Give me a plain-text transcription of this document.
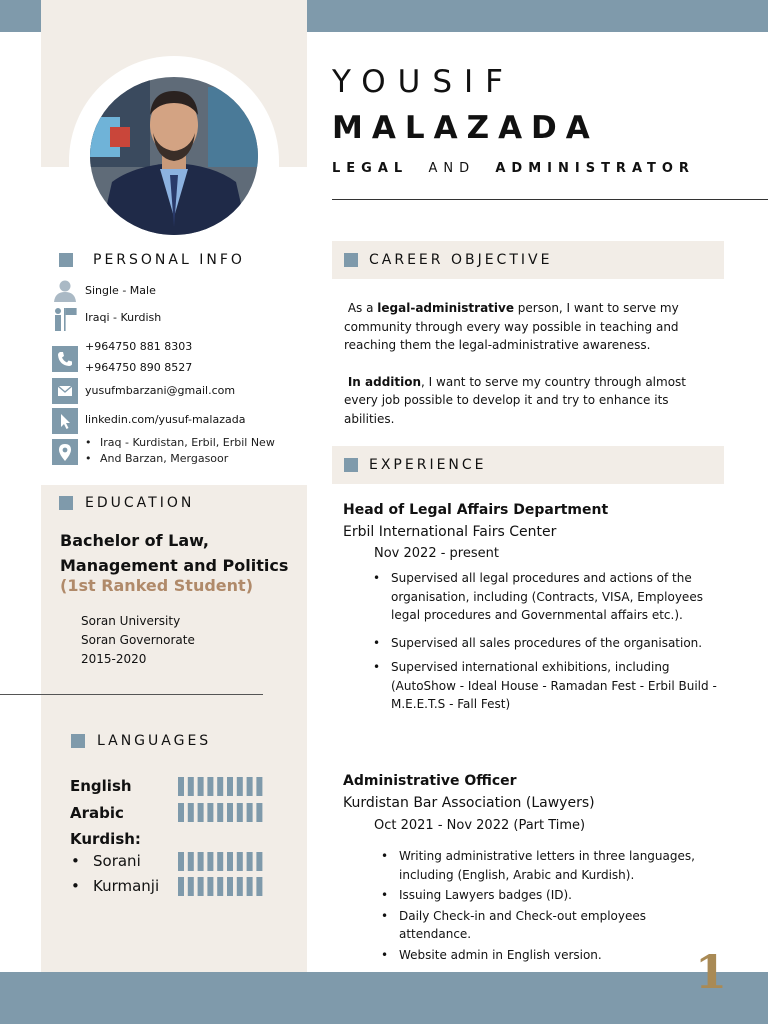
YOUSIF
MALAZADA
LEGAL AND ADMINISTRATOR
PERSONAL INFO
Single - Male
Iraqi - Kurdish
+964750 881 8303
+964750 890 8527
yusufmbarzani@gmail.com
linkedin.com/yusuf-malazada
• Iraq - Kurdistan, Erbil, Erbil New
• And Barzan, Mergasoor
EDUCATION
Bachelor of Law,
Management and Politics
(1st Ranked Student)
Soran University
Soran Governorate
2015-2020
LANGUAGES
English
Arabic
Kurdish:
• Sorani
• Kurmanji
CAREER OBJECTIVE

As a legal-administrative person, I want to serve my community through every way possible in teaching and reaching them the legal-administrative awareness.

In addition, I want to serve my country through almost every job possible to develop it and try to enhance its abilities.

EXPERIENCE
Head of Legal Affairs Department
Erbil International Fairs Center
Nov 2022 - present
• Supervised all legal procedures and actions of the organisation, including (Contracts, VISA, Employees legal procedures and Governmental affairs etc.).
• Supervised all sales procedures of the organisation.
• Supervised international exhibitions, including (AutoShow - Ideal House - Ramadan Fest - Erbil Build - M.E.E.T.S - Fall Fest)
Administrative Officer
Kurdistan Bar Association (Lawyers)
Oct 2021 - Nov 2022 (Part Time)
• Writing administrative letters in three languages, including (English, Arabic and Kurdish).
• Issuing Lawyers badges (ID).
• Daily Check-in and Check-out employees attendance.
• Website admin in English version.	1
